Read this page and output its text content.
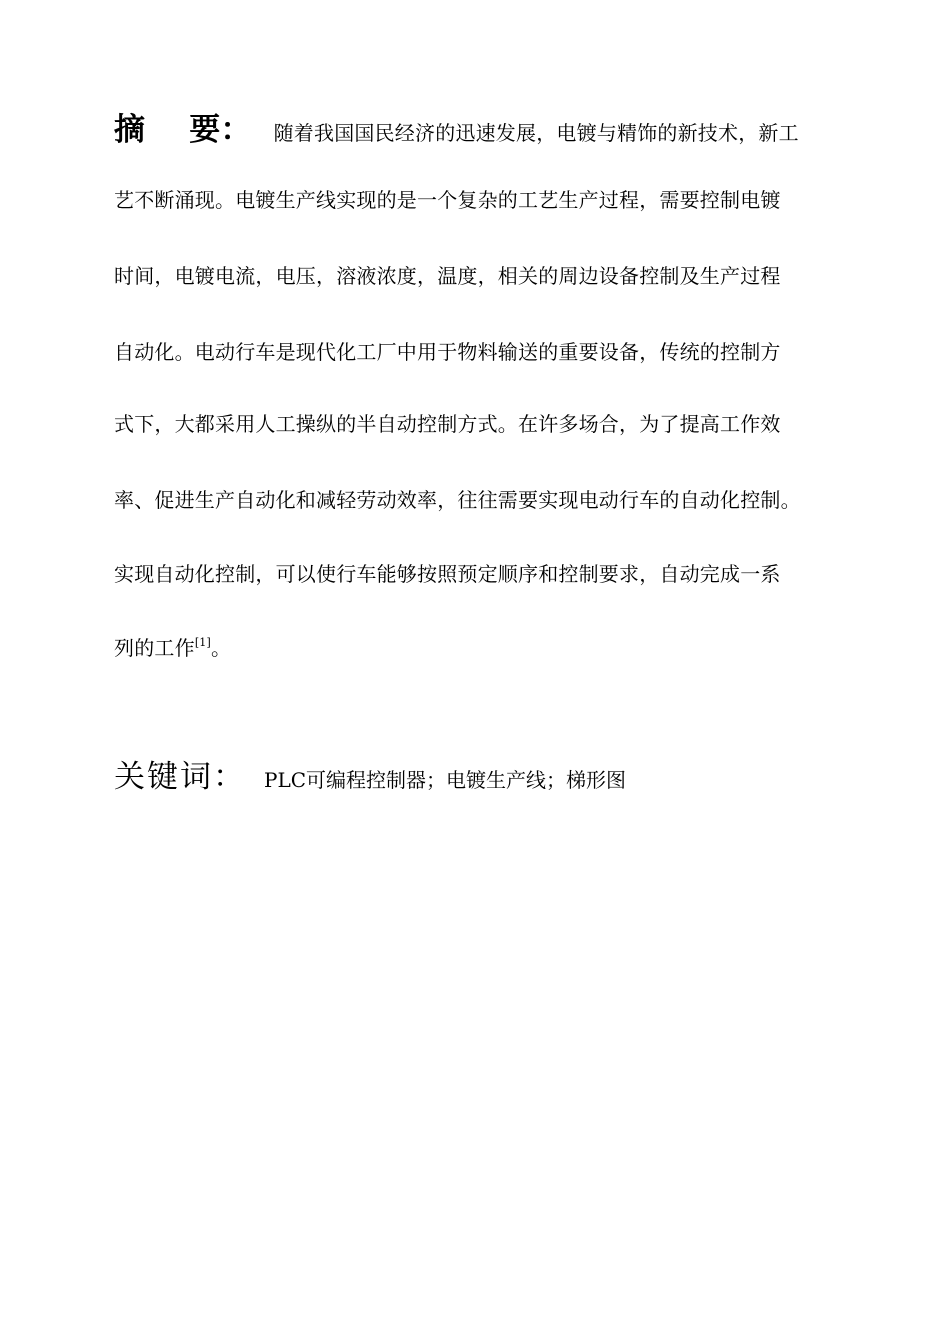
摘 要： 随着我国国民经济的迅速发展，电镀与精饰的新技术，新工
艺不断涌现。电镀生产线实现的是一个复杂的工艺生产过程，需要控制电镀
时间，电镀电流，电压，溶液浓度，温度，相关的周边设备控制及生产过程
自动化。电动行车是现代化工厂中用于物料输送的重要设备，传统的控制方
式下，大都采用人工操纵的半自动控制方式。在许多场合，为了提高工作效
率、促进生产自动化和减轻劳动效率，往往需要实现电动行车的自动化控制。
实现自动化控制，可以使行车能够按照预定顺序和控制要求，自动完成一系
列的工作[1]。
关键词： PLC可编程控制器；电镀生产线；梯形图
